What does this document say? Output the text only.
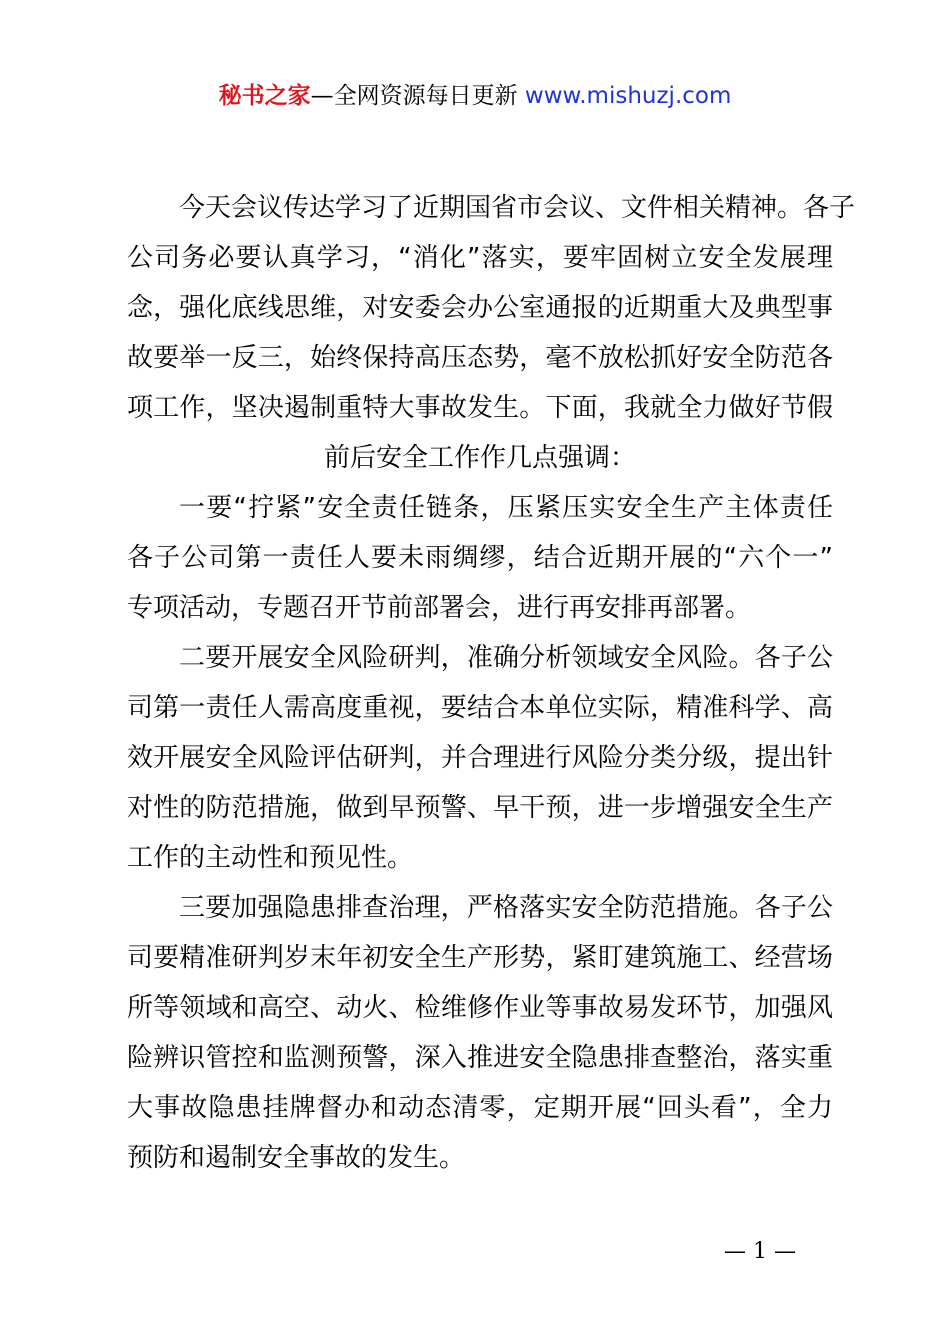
秘书之家—全网资源每日更新 www.mishuzj.com
今天会议传达学习了近期国省市会议、文件相关精神。各子
公司务必要认真学习，“消化”落实，要牢固树立安全发展理
念，强化底线思维，对安委会办公室通报的近期重大及典型事
故要举一反三，始终保持高压态势，毫不放松抓好安全防范各
项工作，坚决遏制重特大事故发生。下面，我就全力做好节假
前后安全工作作几点强调：
一要“拧紧”安全责任链条，压紧压实安全生产主体责任
各子公司第一责任人要未雨绸缪，结合近期开展的“六个一”
专项活动，专题召开节前部署会，进行再安排再部署。
二要开展安全风险研判，准确分析领域安全风险。各子公
司第一责任人需高度重视，要结合本单位实际，精准科学、高
效开展安全风险评估研判，并合理进行风险分类分级，提出针
对性的防范措施，做到早预警、早干预，进一步增强安全生产
工作的主动性和预见性。
三要加强隐患排查治理，严格落实安全防范措施。各子公
司要精准研判岁末年初安全生产形势，紧盯建筑施工、经营场
所等领域和高空、动火、检维修作业等事故易发环节，加强风
险辨识管控和监测预警，深入推进安全隐患排查整治，落实重
大事故隐患挂牌督办和动态清零，定期开展“回头看”，全力
预防和遏制安全事故的发生。
— 1 —
